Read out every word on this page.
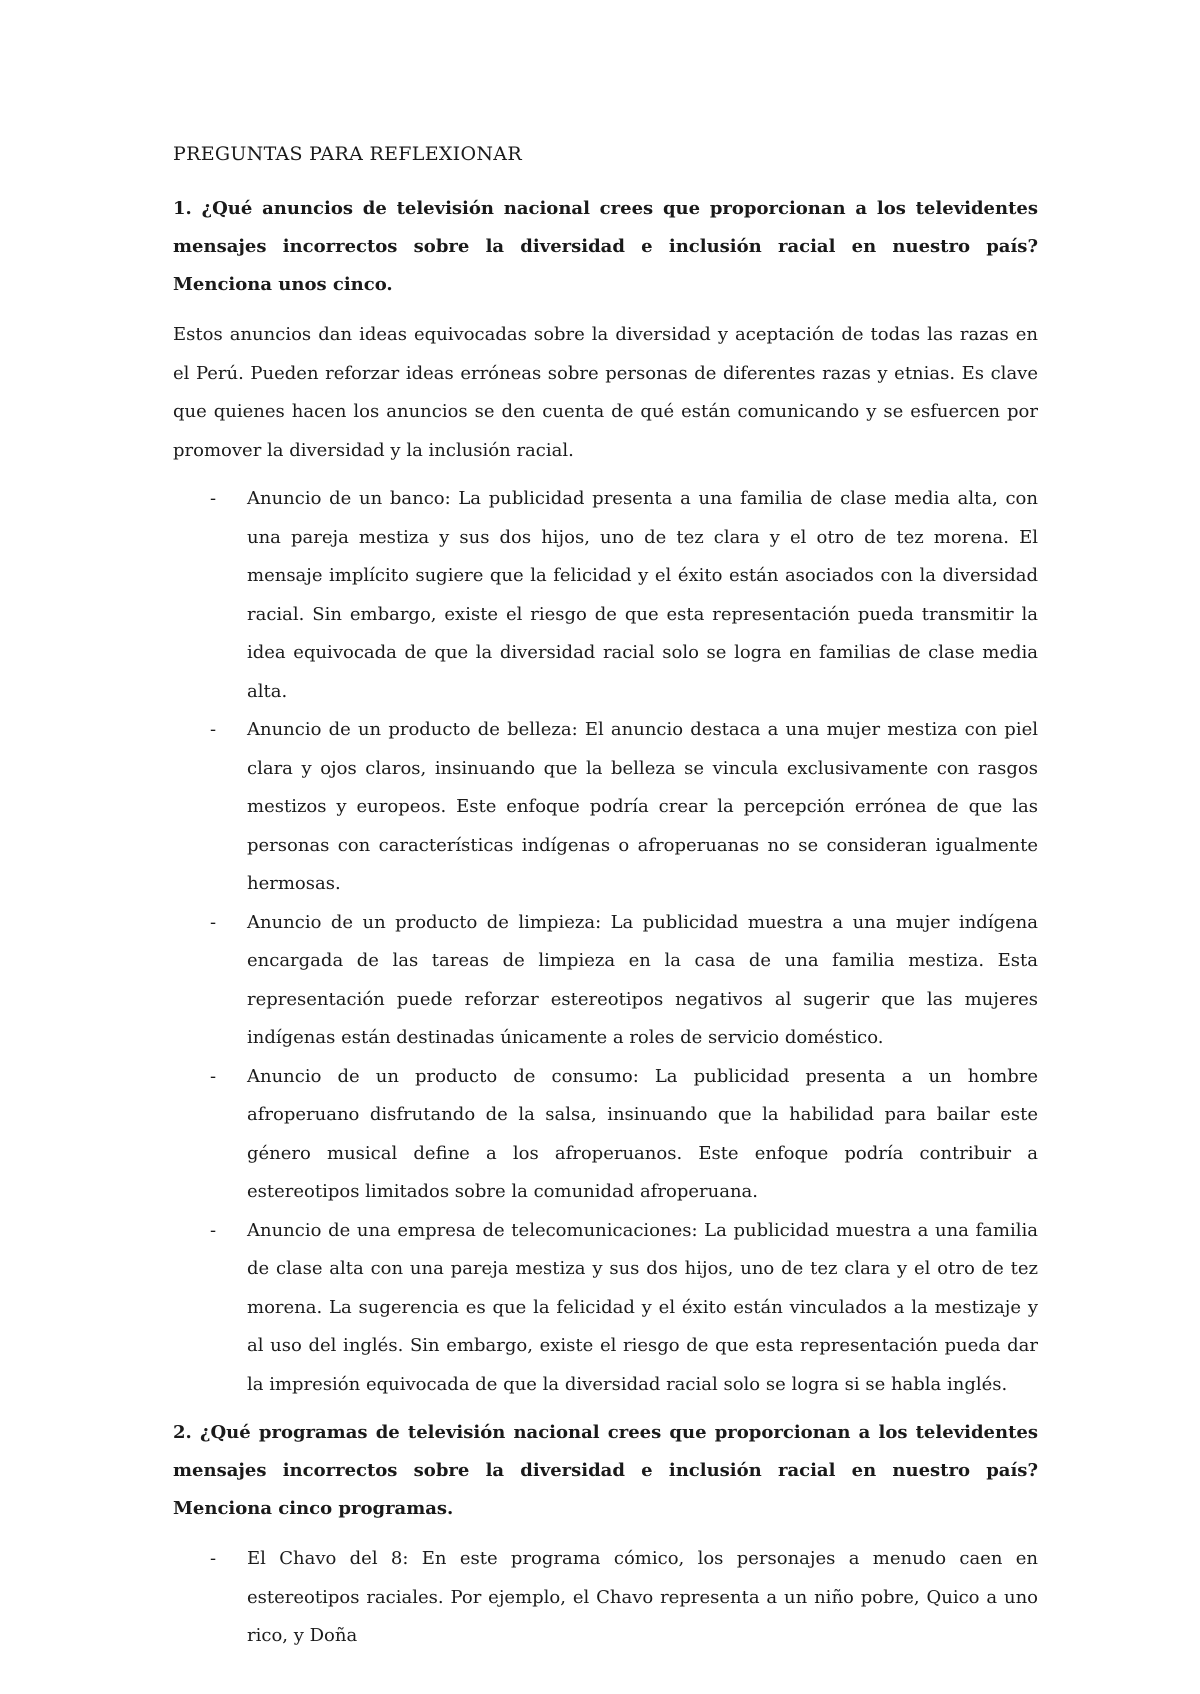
PREGUNTAS PARA REFLEXIONAR

1. ¿Qué anuncios de televisión nacional crees que proporcionan a los televidentes mensajes incorrectos sobre la diversidad e inclusión racial en nuestro país? Menciona unos cinco.

Estos anuncios dan ideas equivocadas sobre la diversidad y aceptación de todas las razas en el Perú. Pueden reforzar ideas erróneas sobre personas de diferentes razas y etnias. Es clave que quienes hacen los anuncios se den cuenta de qué están comunicando y se esfuercen por promover la diversidad y la inclusión racial.

- Anuncio de un banco: La publicidad presenta a una familia de clase media alta, con una pareja mestiza y sus dos hijos, uno de tez clara y el otro de tez morena. El mensaje implícito sugiere que la felicidad y el éxito están asociados con la diversidad racial. Sin embargo, existe el riesgo de que esta representación pueda transmitir la idea equivocada de que la diversidad racial solo se logra en familias de clase media alta.
- Anuncio de un producto de belleza: El anuncio destaca a una mujer mestiza con piel clara y ojos claros, insinuando que la belleza se vincula exclusivamente con rasgos mestizos y europeos. Este enfoque podría crear la percepción errónea de que las personas con características indígenas o afroperuanas no se consideran igualmente hermosas.
- Anuncio de un producto de limpieza: La publicidad muestra a una mujer indígena encargada de las tareas de limpieza en la casa de una familia mestiza. Esta representación puede reforzar estereotipos negativos al sugerir que las mujeres indígenas están destinadas únicamente a roles de servicio doméstico.
- Anuncio de un producto de consumo: La publicidad presenta a un hombre afroperuano disfrutando de la salsa, insinuando que la habilidad para bailar este género musical define a los afroperuanos. Este enfoque podría contribuir a estereotipos limitados sobre la comunidad afroperuana.
- Anuncio de una empresa de telecomunicaciones: La publicidad muestra a una familia de clase alta con una pareja mestiza y sus dos hijos, uno de tez clara y el otro de tez morena. La sugerencia es que la felicidad y el éxito están vinculados a la mestizaje y al uso del inglés. Sin embargo, existe el riesgo de que esta representación pueda dar la impresión equivocada de que la diversidad racial solo se logra si se habla inglés.

2. ¿Qué programas de televisión nacional crees que proporcionan a los televidentes mensajes incorrectos sobre la diversidad e inclusión racial en nuestro país? Menciona cinco programas.

- El Chavo del 8: En este programa cómico, los personajes a menudo caen en estereotipos raciales. Por ejemplo, el Chavo representa a un niño pobre, Quico a uno rico, y Doña
